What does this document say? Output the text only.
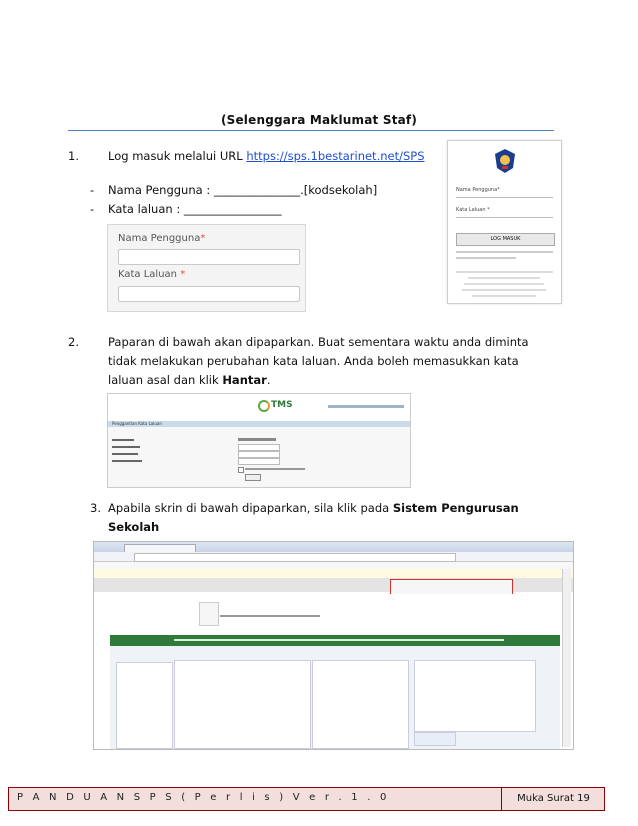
(Selenggara Maklumat Staf)
1.	Log masuk melalui URL https://sps.1bestarinet.net/SPS
- Nama Pengguna : _______________.[kodsekolah]
- Kata laluan : _________________
Nama Pengguna*
Kata Laluan *
LOG MASUK
Nama Pengguna*
Kata Laluan *
2.	Paparan di bawah akan dipaparkan. Buat sementara waktu anda diminta
tidak melakukan perubahan kata laluan. Anda boleh memasukkan kata
laluan asal dan klik Hantar.
TMS
Penggantian Kata Laluan
3. Apabila skrin di bawah dipaparkan, sila klik pada Sistem Pengurusan
Sekolah
P A N D U A N S P S ( P e r l i s ) V e r . 1 . 0	Muka Surat 19
